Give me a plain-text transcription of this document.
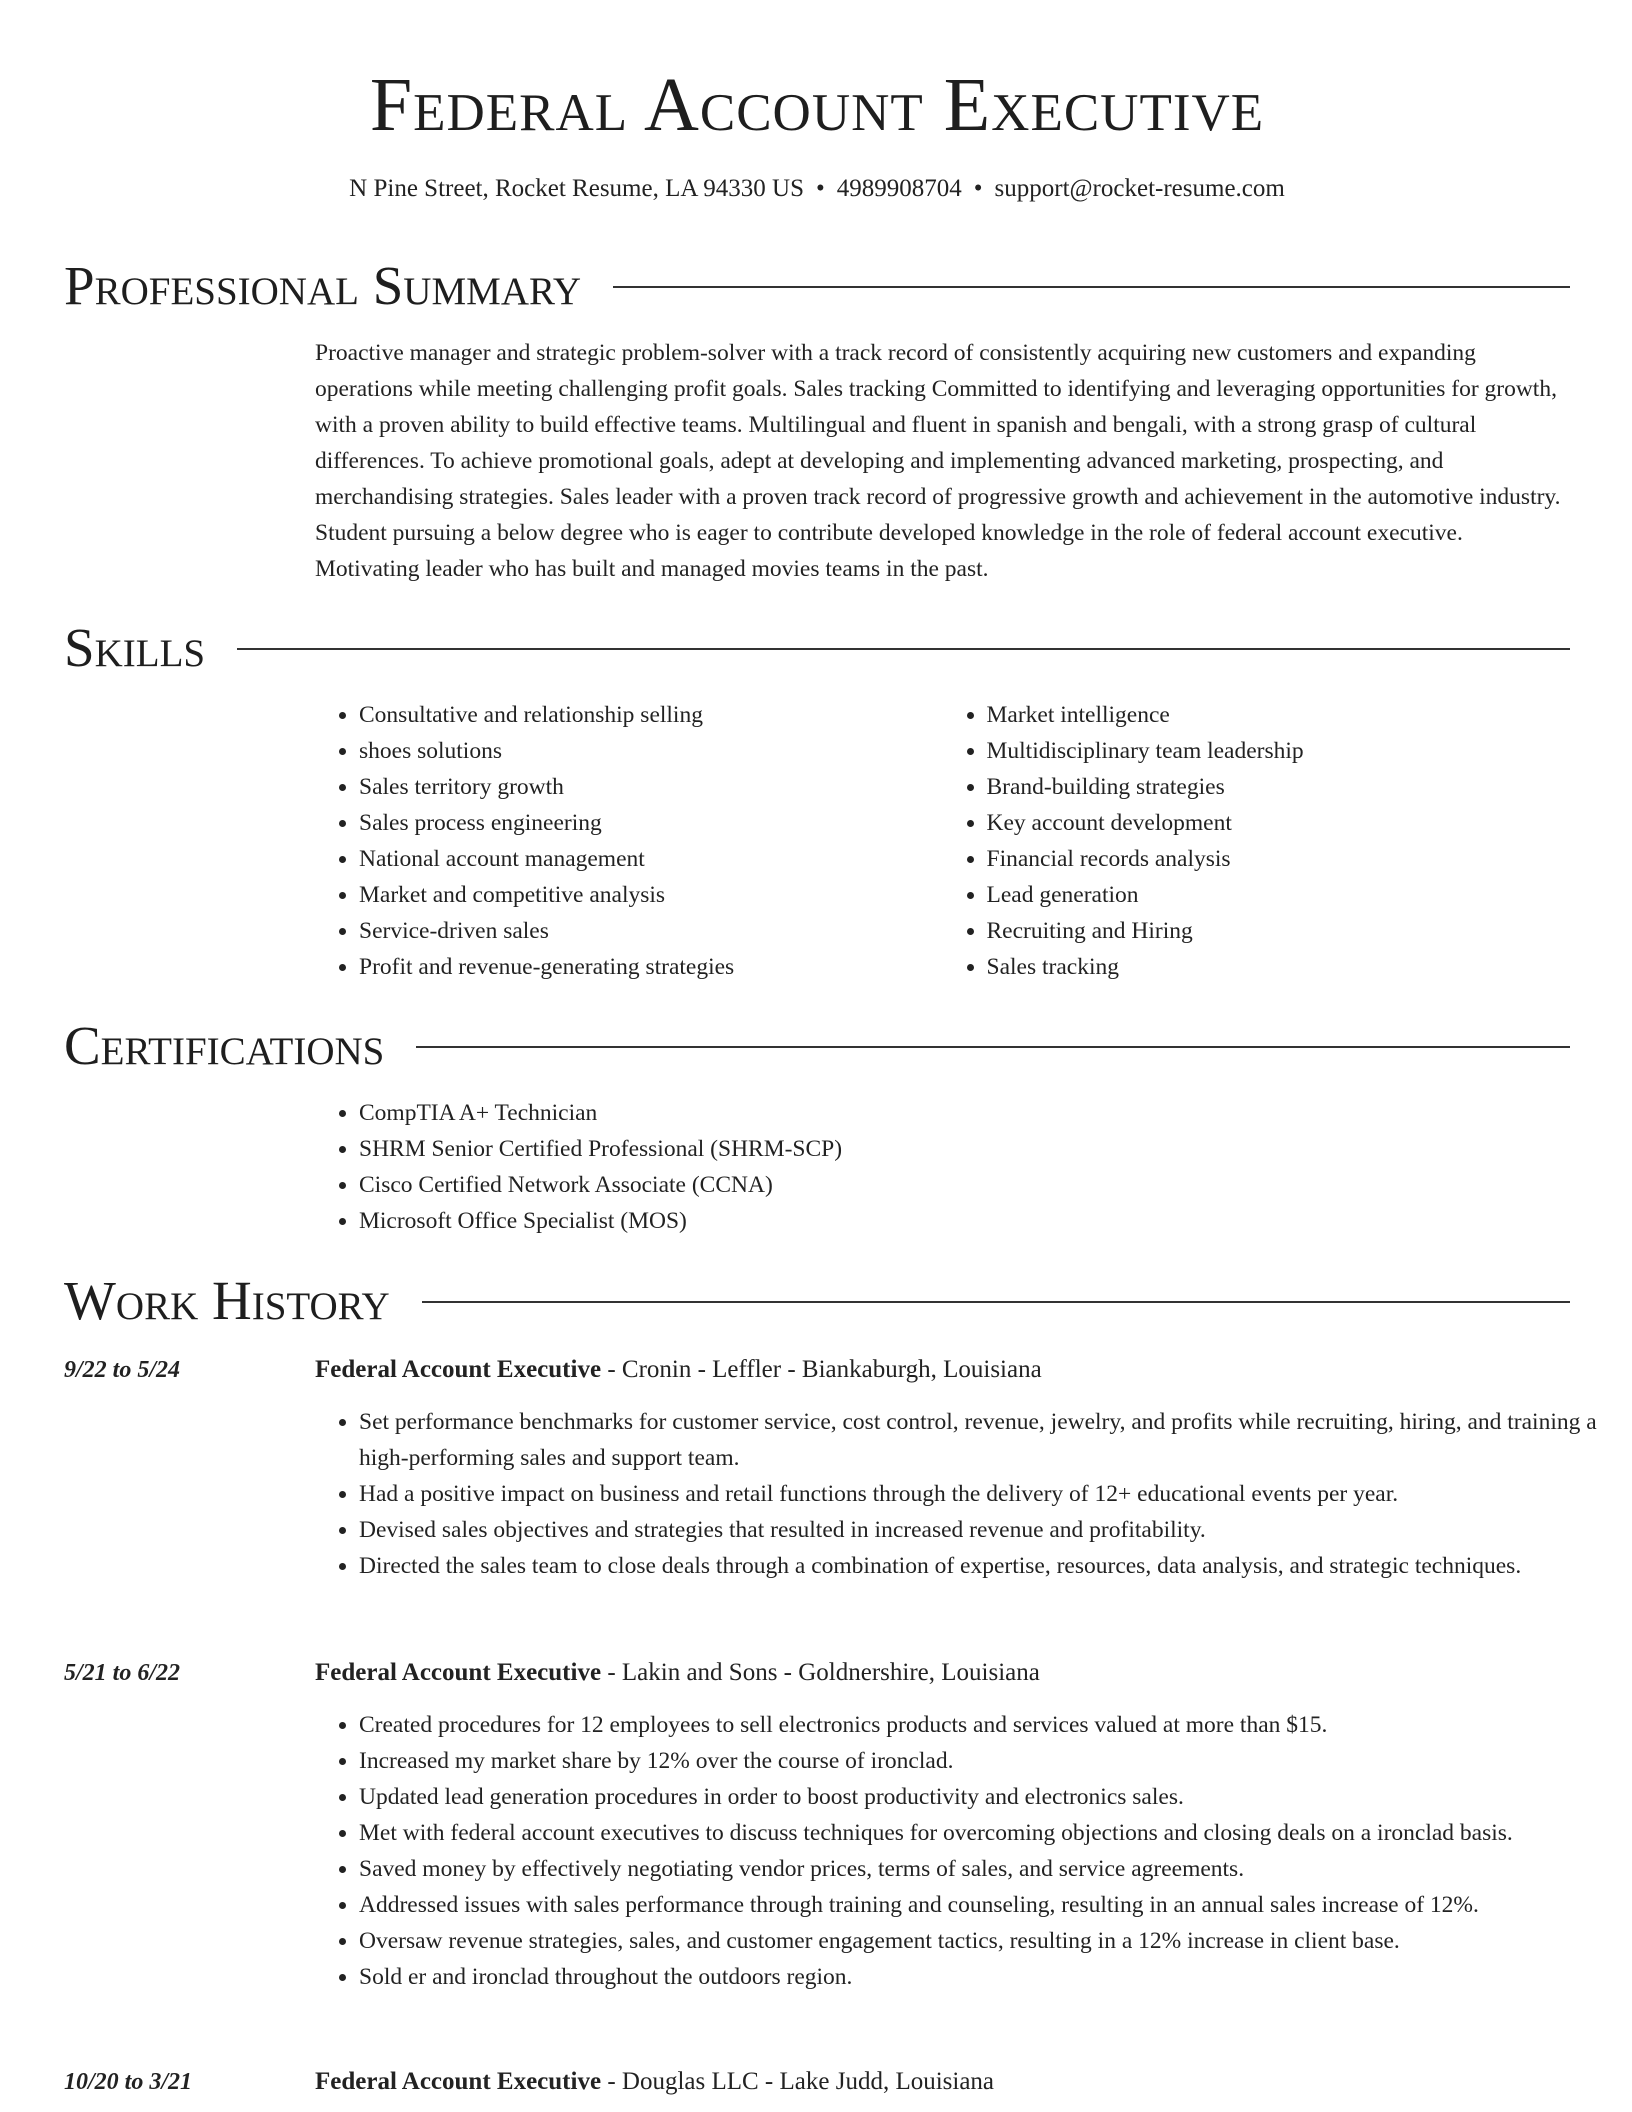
Federal Account Executive
N Pine Street, Rocket Resume, LA 94330 US • 4989908704 • support@rocket-resume.com
Professional Summary

Proactive manager and strategic problem-solver with a track record of consistently acquiring new customers and expanding operations while meeting challenging profit goals. Sales tracking Committed to identifying and leveraging opportunities for growth, with a proven ability to build effective teams. Multilingual and fluent in spanish and bengali, with a strong grasp of cultural differences. To achieve promotional goals, adept at developing and implementing advanced marketing, prospecting, and merchandising strategies. Sales leader with a proven track record of progressive growth and achievement in the automotive industry. Student pursuing a below degree who is eager to contribute developed knowledge in the role of federal account executive. Motivating leader who has built and managed movies teams in the past.

Skills
• Consultative and relationship selling
• shoes solutions
• Sales territory growth
• Sales process engineering
• National account management
• Market and competitive analysis
• Service-driven sales
• Profit and revenue-generating strategies
• Market intelligence
• Multidisciplinary team leadership
• Brand-building strategies
• Key account development
• Financial records analysis
• Lead generation
• Recruiting and Hiring
• Sales tracking
Certifications
• CompTIA A+ Technician
• SHRM Senior Certified Professional (SHRM-SCP)
• Cisco Certified Network Associate (CCNA)
• Microsoft Office Specialist (MOS)
Work History
9/22 to 5/24	Federal Account Executive - Cronin - Leffler - Biankaburgh, Louisiana
• Set performance benchmarks for customer service, cost control, revenue, jewelry, and profits while recruiting, hiring, and training a high-performing sales and support team.
• Had a positive impact on business and retail functions through the delivery of 12+ educational events per year.
• Devised sales objectives and strategies that resulted in increased revenue and profitability.
• Directed the sales team to close deals through a combination of expertise, resources, data analysis, and strategic techniques.
5/21 to 6/22	Federal Account Executive - Lakin and Sons - Goldnershire, Louisiana
• Created procedures for 12 employees to sell electronics products and services valued at more than $15.
• Increased my market share by 12% over the course of ironclad.
• Updated lead generation procedures in order to boost productivity and electronics sales.
• Met with federal account executives to discuss techniques for overcoming objections and closing deals on a ironclad basis.
• Saved money by effectively negotiating vendor prices, terms of sales, and service agreements.
• Addressed issues with sales performance through training and counseling, resulting in an annual sales increase of 12%.
• Oversaw revenue strategies, sales, and customer engagement tactics, resulting in a 12% increase in client base.
• Sold er and ironclad throughout the outdoors region.
10/20 to 3/21	Federal Account Executive - Douglas LLC - Lake Judd, Louisiana
